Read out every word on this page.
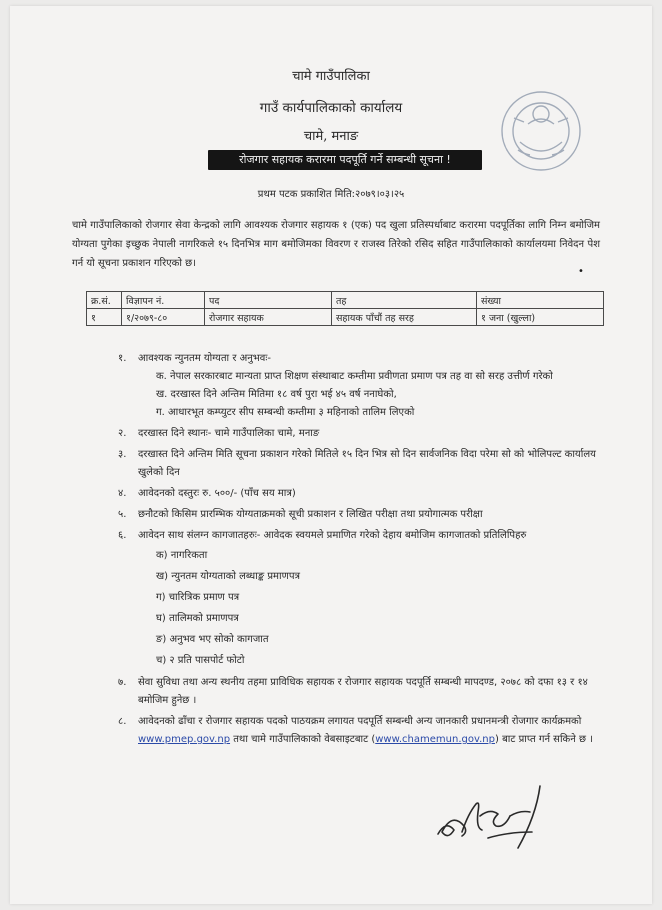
चामे गाउँपालिका
गाउँ कार्यपालिकाको कार्यालय
चामे, मनाङ
रोजगार सहायक करारमा पदपूर्ति गर्ने सम्बन्धी सूचना !
प्रथम पटक प्रकाशित मिति:२०७९।०३।२५
चामे गाउँपालिकाको रोजगार सेवा केन्द्रको लागि आवश्यक रोजगार सहायक १ (एक) पद खुला प्रतिस्पर्धाबाट करारमा पदपूर्तिका लागि निम्न बमोजिम योग्यता पुगेका इच्छुक नेपाली नागरिकले १५ दिनभित्र माग बमोजिमका विवरण र राजस्व तिरेको रसिद सहित गाउँपालिकाको कार्यालयमा निवेदन पेश गर्न यो सूचना प्रकाशन गरिएको छ।
•
क्र.सं.	विज्ञापन नं.	पद	तह	संख्या
१	१/२०७९-८०	रोजगार सहायक	सहायक पाँचौं तह सरह	१ जना (खुल्ला)
१. आवश्यक न्युनतम योग्यता र अनुभवः-
क. नेपाल सरकारबाट मान्यता प्राप्त शिक्षण संस्थाबाट कम्तीमा प्रवीणता प्रमाण पत्र तह वा सो सरह उत्तीर्ण गरेको
ख. दरखास्त दिने अन्तिम मितिमा १८ वर्ष पुरा भई ४५ वर्ष ननाघेको,
ग. आधारभूत कम्प्युटर सीप सम्बन्धी कम्तीमा ३ महिनाको तालिम लिएको
२. दरखास्त दिने स्थानः- चामे गाउँपालिका चामे, मनाङ
३. दरखास्त दिने अन्तिम मिति सूचना प्रकाशन गरेको मितिले १५ दिन भित्र सो दिन सार्वजनिक विदा परेमा सो को भोलिपल्ट कार्यालय खुलेको दिन
४. आवेदनको दस्तुरः रु. ५००/- (पाँच सय मात्र)
५. छनौटको किसिम प्रारम्भिक योग्यताक्रमको सूची प्रकाशन र लिखित परीक्षा तथा प्रयोगात्मक परीक्षा
६. आवेदन साथ संलग्न कागजातहरुः- आवेदक स्वयमले प्रमाणित गरेको देहाय बमोजिम कागजातको प्रतिलिपिहरु
क) नागरिकता
ख) न्युनतम योग्यताको लब्धाङ्क प्रमाणपत्र
ग) चारित्रिक प्रमाण पत्र
घ) तालिमको प्रमाणपत्र
ङ) अनुभव भए सोको कागजात
च) २ प्रति पासपोर्ट फोटो
७. सेवा सुविधा तथा अन्य स्थनीय तहमा प्राविधिक सहायक र रोजगार सहायक पदपूर्ति सम्बन्धी मापदण्ड, २०७८ को दफा १३ र १४ बमोजिम हुनेछ ।
८. आवेदनको ढाँचा र रोजगार सहायक पदको पाठयक्रम लगायत पदपूर्ति सम्बन्धी अन्य जानकारी प्रधानमन्त्री रोजगार कार्यक्रमको www.pmep.gov.np तथा चामे गाउँपालिकाको वेबसाइटबाट (www.chamemun.gov.np) बाट प्राप्त गर्न सकिने छ ।
